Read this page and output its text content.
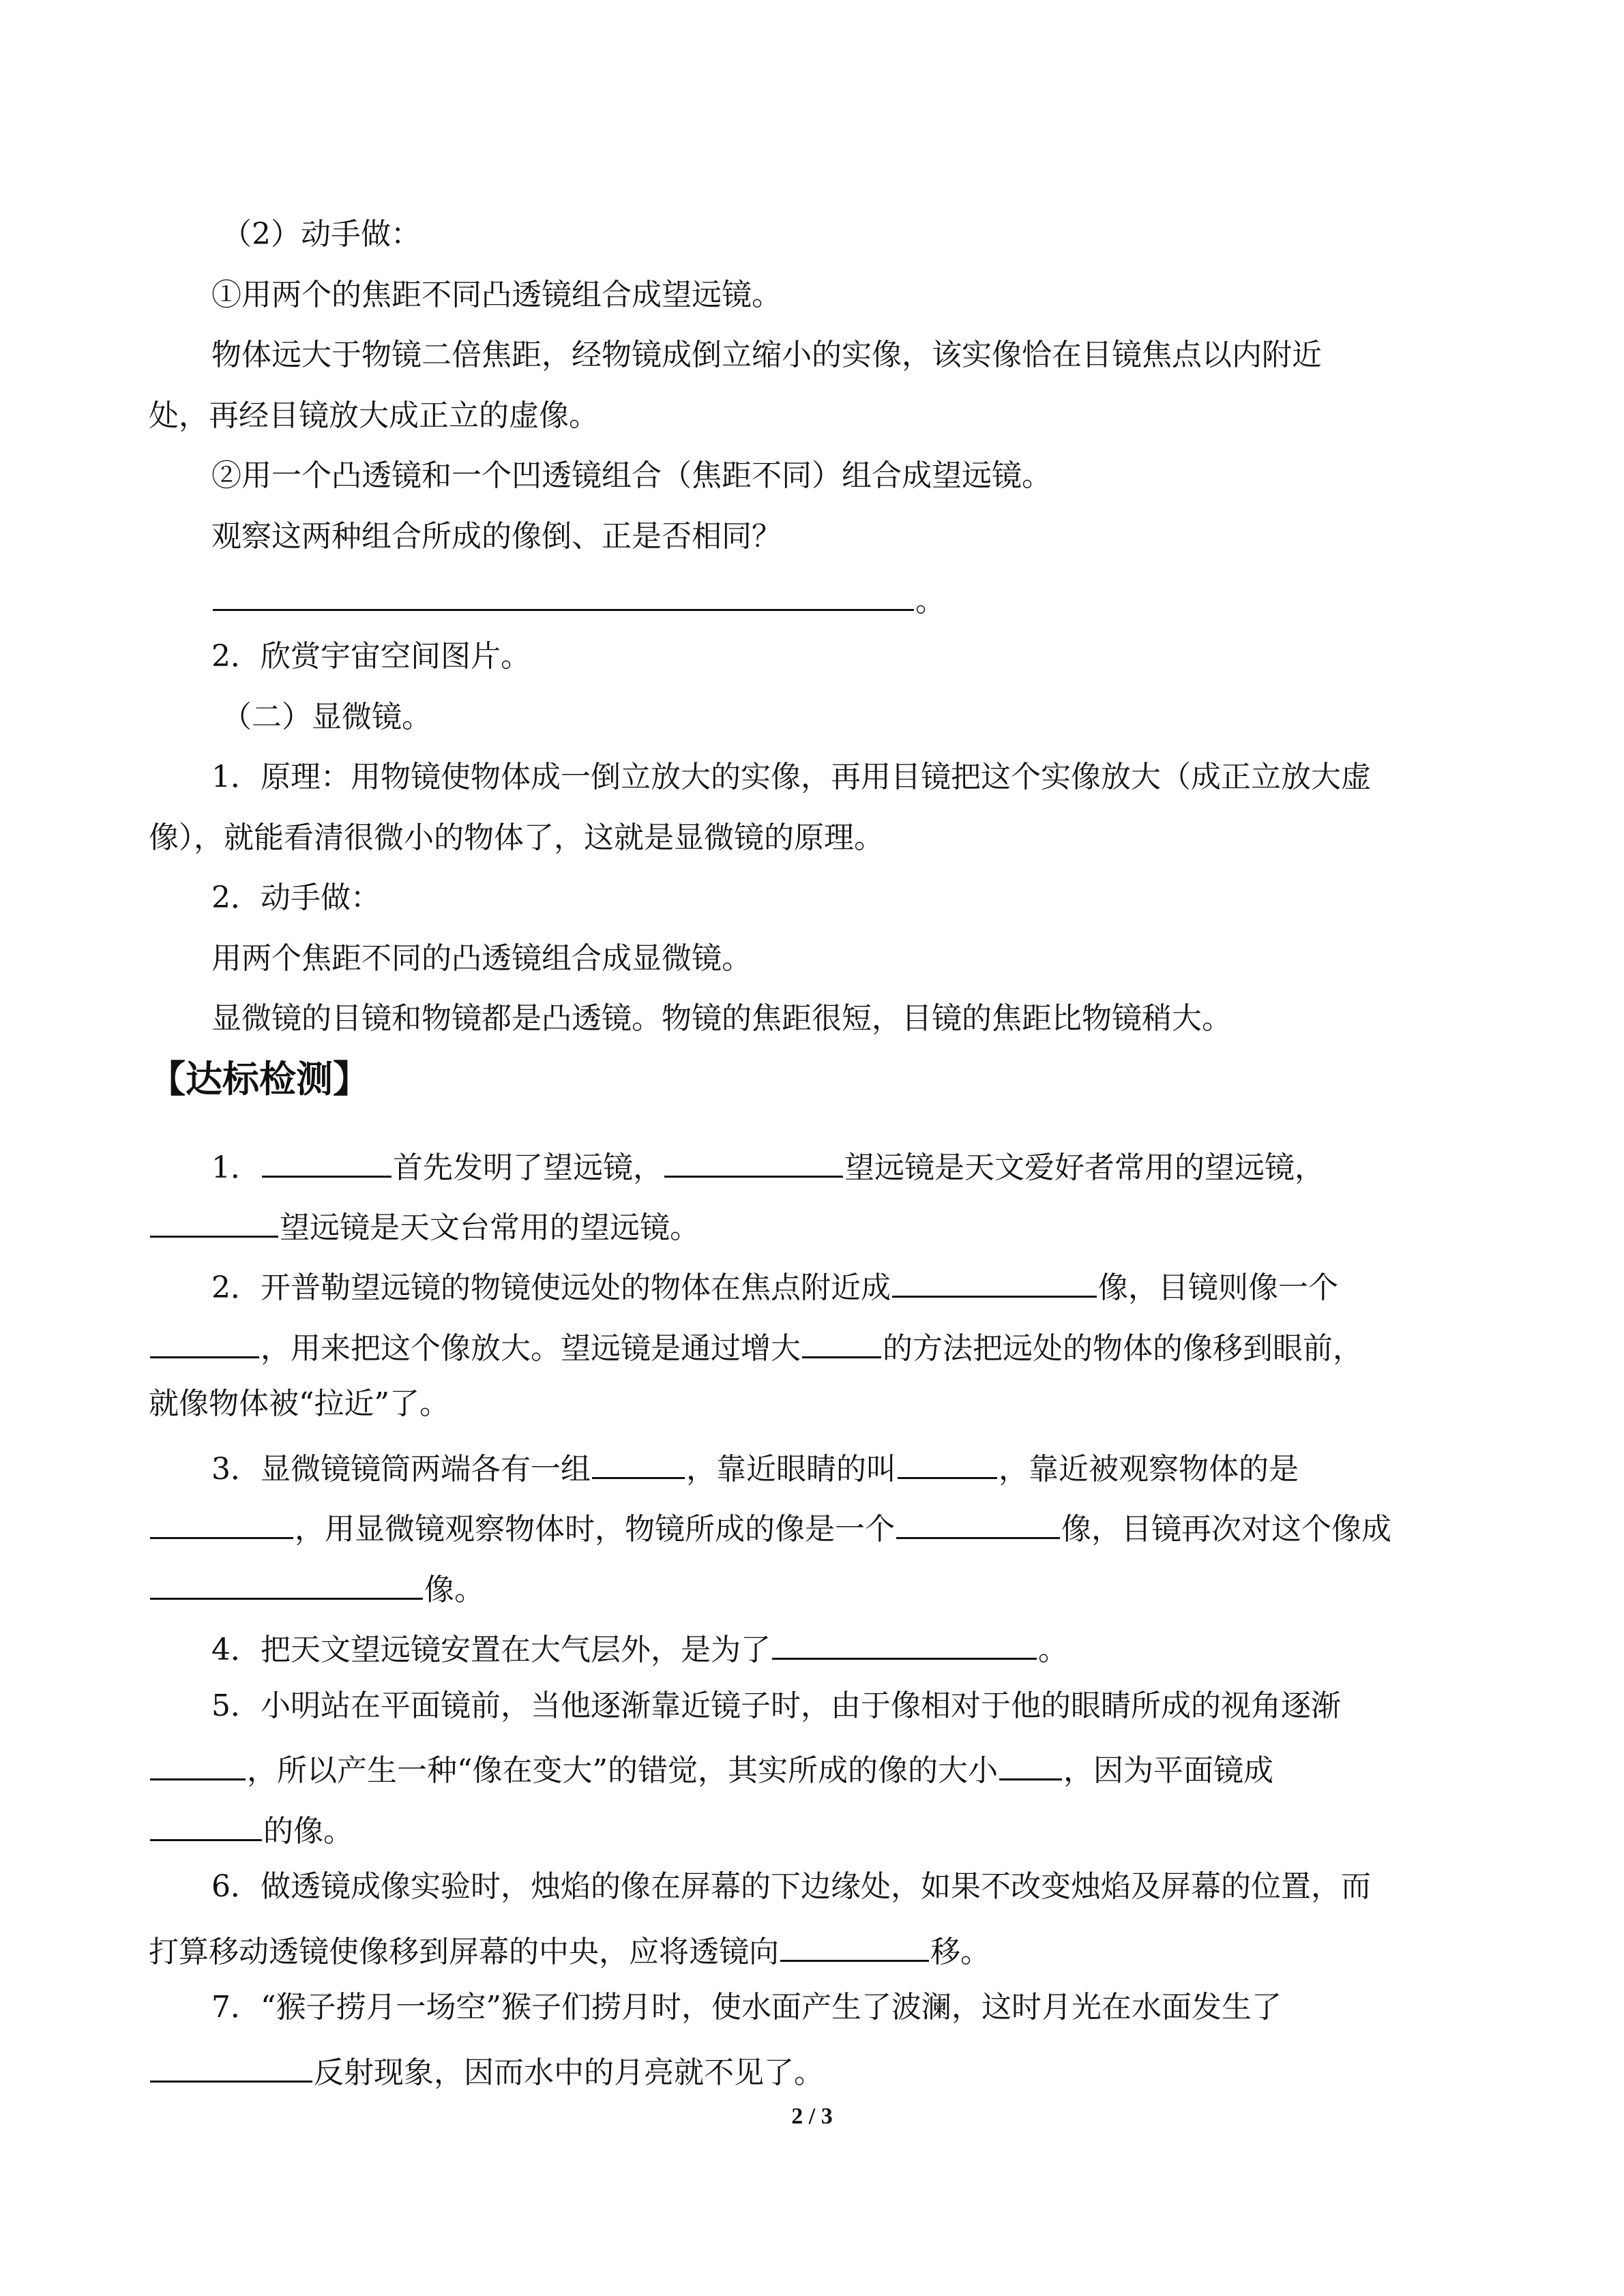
（2）动手做：
①用两个的焦距不同凸透镜组合成望远镜。
物体远大于物镜二倍焦距，经物镜成倒立缩小的实像，该实像恰在目镜焦点以内附近
处，再经目镜放大成正立的虚像。
②用一个凸透镜和一个凹透镜组合（焦距不同）组合成望远镜。
观察这两种组合所成的像倒、正是否相同？
。
2．欣赏宇宙空间图片。
（二）显微镜。
1．原理：用物镜使物体成一倒立放大的实像，再用目镜把这个实像放大（成正立放大虚
像），就能看清很微小的物体了，这就是显微镜的原理。
2．动手做：
用两个焦距不同的凸透镜组合成显微镜。
显微镜的目镜和物镜都是凸透镜。物镜的焦距很短，目镜的焦距比物镜稍大。
【达标检测】
1．	首先发明了望远镜，	望远镜是天文爱好者常用的望远镜，
望远镜是天文台常用的望远镜。
2．开普勒望远镜的物镜使远处的物体在焦点附近成	像，目镜则像一个
，用来把这个像放大。望远镜是通过增大	的方法把远处的物体的像移到眼前，
就像物体被“拉近”了。
3．显微镜镜筒两端各有一组	，靠近眼睛的叫	，靠近被观察物体的是
，用显微镜观察物体时，物镜所成的像是一个	像，目镜再次对这个像成
像。
4．把天文望远镜安置在大气层外，是为了	。
5．小明站在平面镜前，当他逐渐靠近镜子时，由于像相对于他的眼睛所成的视角逐渐
，所以产生一种“像在变大”的错觉，其实所成的像的大小 ，因为平面镜成
的像。
6．做透镜成像实验时，烛焰的像在屏幕的下边缘处，如果不改变烛焰及屏幕的位置，而
打算移动透镜使像移到屏幕的中央，应将透镜向	移。
7．“猴子捞月一场空”猴子们捞月时，使水面产生了波澜，这时月光在水面发生了
反射现象，因而水中的月亮就不见了。
2 / 3
